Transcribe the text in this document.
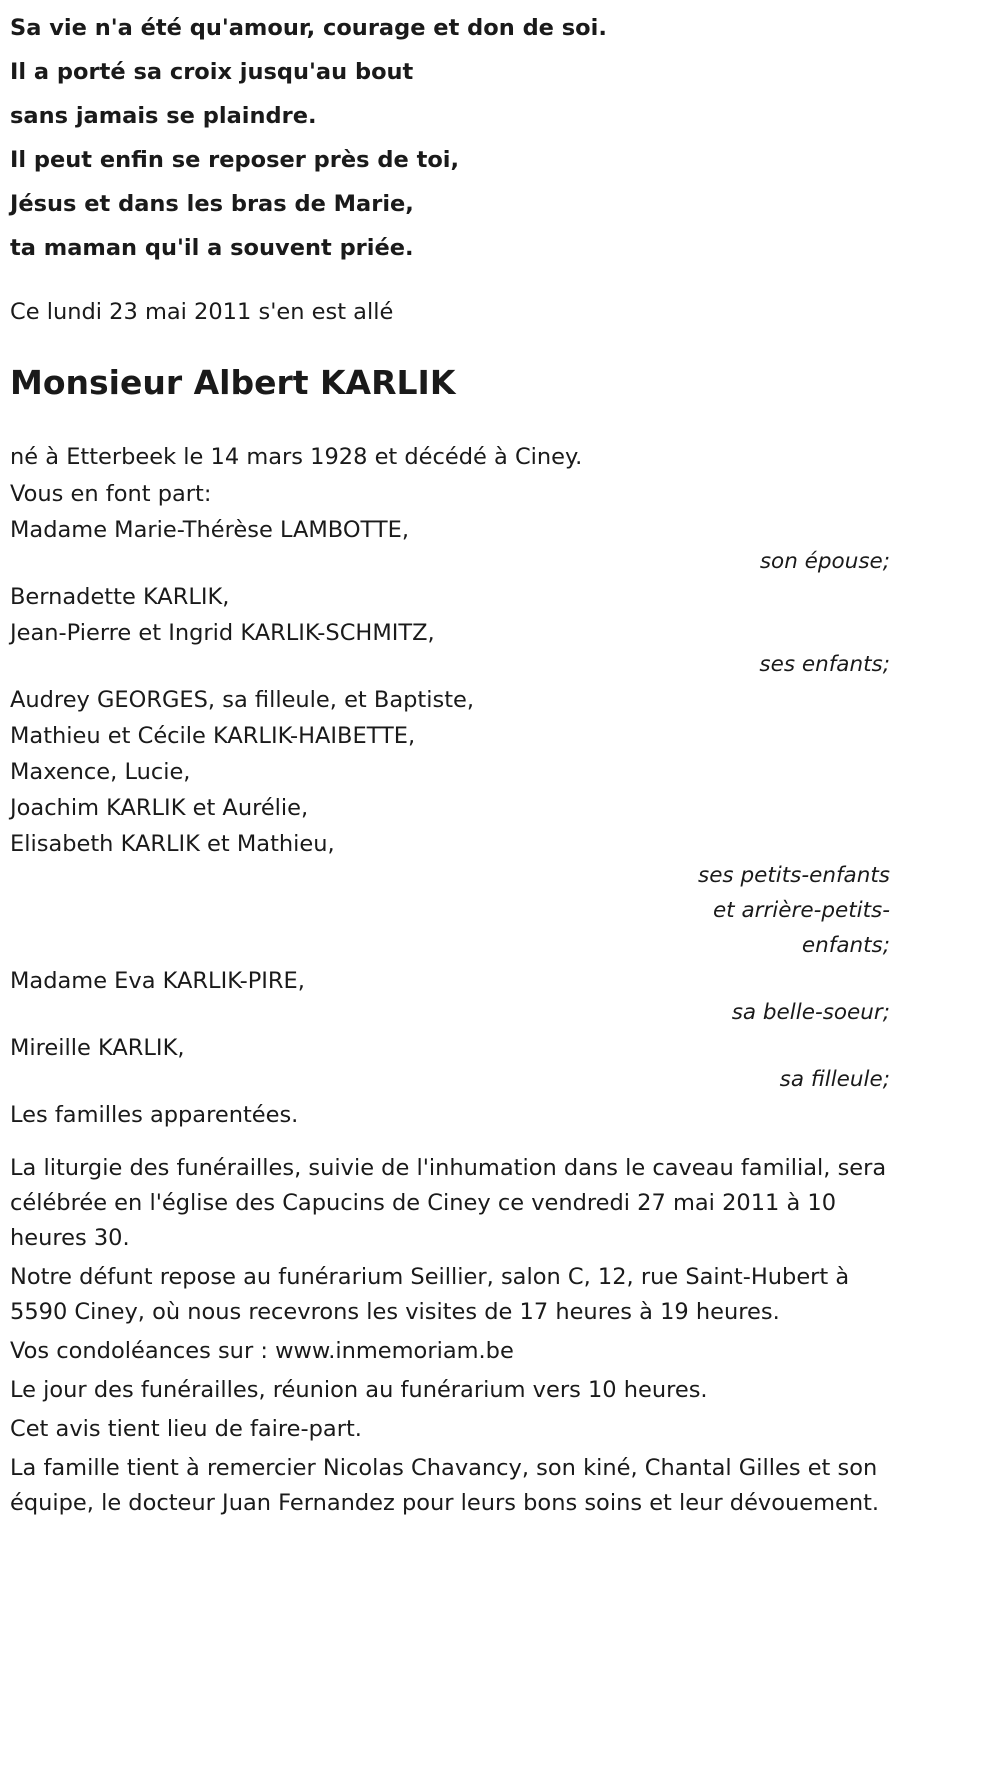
Sa vie n'a été qu'amour, courage et don de soi.

Il a porté sa croix jusqu'au bout

sans jamais se plaindre.

Il peut enfin se reposer près de toi,

Jésus et dans les bras de Marie,

ta maman qu'il a souvent priée.

Ce lundi 23 mai 2011 s'en est allé

Monsieur Albert KARLIK

né à Etterbeek le 14 mars 1928 et décédé à Ciney.

Vous en font part:

Madame Marie-Thérèse LAMBOTTE,
son épouse;
Bernadette KARLIK,
Jean-Pierre et Ingrid KARLIK-SCHMITZ,
ses enfants;
Audrey GEORGES, sa filleule, et Baptiste,
Mathieu et Cécile KARLIK-HAIBETTE,
Maxence, Lucie,
Joachim KARLIK et Aurélie,
Elisabeth KARLIK et Mathieu,
ses petits-enfants et arrière-petits-enfants;
Madame Eva KARLIK-PIRE,
sa belle-soeur;
Mireille KARLIK,
sa filleule;

Les familles apparentées.

La liturgie des funérailles, suivie de l'inhumation dans le caveau familial, sera célébrée en l'église des Capucins de Ciney ce vendredi 27 mai 2011 à 10 heures 30.

Notre défunt repose au funérarium Seillier, salon C, 12, rue Saint-Hubert à 5590 Ciney, où nous recevrons les visites de 17 heures à 19 heures.

Vos condoléances sur : www.inmemoriam.be

Le jour des funérailles, réunion au funérarium vers 10 heures.

Cet avis tient lieu de faire-part.

La famille tient à remercier Nicolas Chavancy, son kiné, Chantal Gilles et son équipe, le docteur Juan Fernandez pour leurs bons soins et leur dévouement.
